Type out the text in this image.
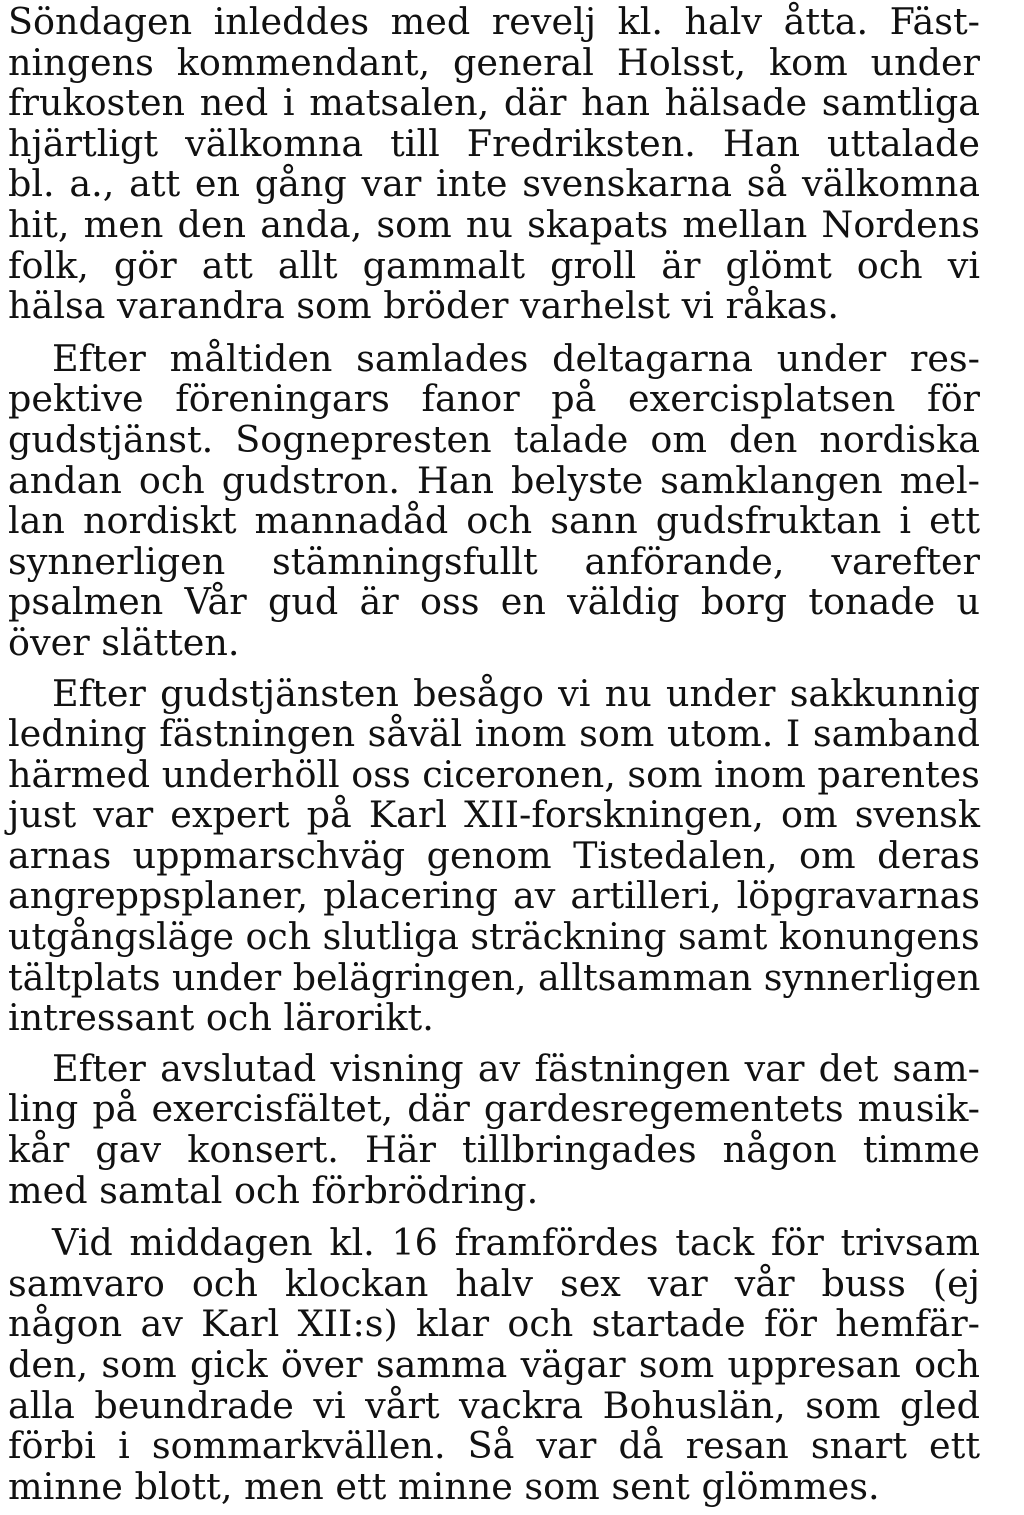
Söndagen inleddes med revelj kl. halv åtta. Fäst-
ningens kommendant, general Holsst, kom under
frukosten ned i matsalen, där han hälsade samtliga
hjärtligt välkomna till Fredriksten. Han uttalade
bl. a., att en gång var inte svenskarna så välkomna
hit, men den anda, som nu skapats mellan Nordens
folk, gör att allt gammalt groll är glömt och vi
hälsa varandra som bröder varhelst vi råkas.
Efter måltiden samlades deltagarna under res-
pektive föreningars fanor på exercisplatsen för
gudstjänst. Sognepresten talade om den nordiska
andan och gudstron. Han belyste samklangen mel-
lan nordiskt mannadåd och sann gudsfruktan i ett
synnerligen stämningsfullt anförande, varefter
psalmen Vår gud är oss en väldig borg tonade u
över slätten.
Efter gudstjänsten besågo vi nu under sakkunnig
ledning fästningen såväl inom som utom. I samband
härmed underhöll oss ciceronen, som inom parentes
just var expert på Karl XII-forskningen, om svensk
arnas uppmarschväg genom Tistedalen, om deras
angreppsplaner, placering av artilleri, löpgravarnas
utgångsläge och slutliga sträckning samt konungens
tältplats under belägringen, alltsamman synnerligen
intressant och lärorikt.
Efter avslutad visning av fästningen var det sam-
ling på exercisfältet, där gardesregementets musik-
kår gav konsert. Här tillbringades någon timme
med samtal och förbrödring.
Vid middagen kl. 16 framfördes tack för trivsam
samvaro och klockan halv sex var vår buss (ej
någon av Karl XII:s) klar och startade för hemfär-
den, som gick över samma vägar som uppresan och
alla beundrade vi vårt vackra Bohuslän, som gled
förbi i sommarkvällen. Så var då resan snart ett
minne blott, men ett minne som sent glömmes.
